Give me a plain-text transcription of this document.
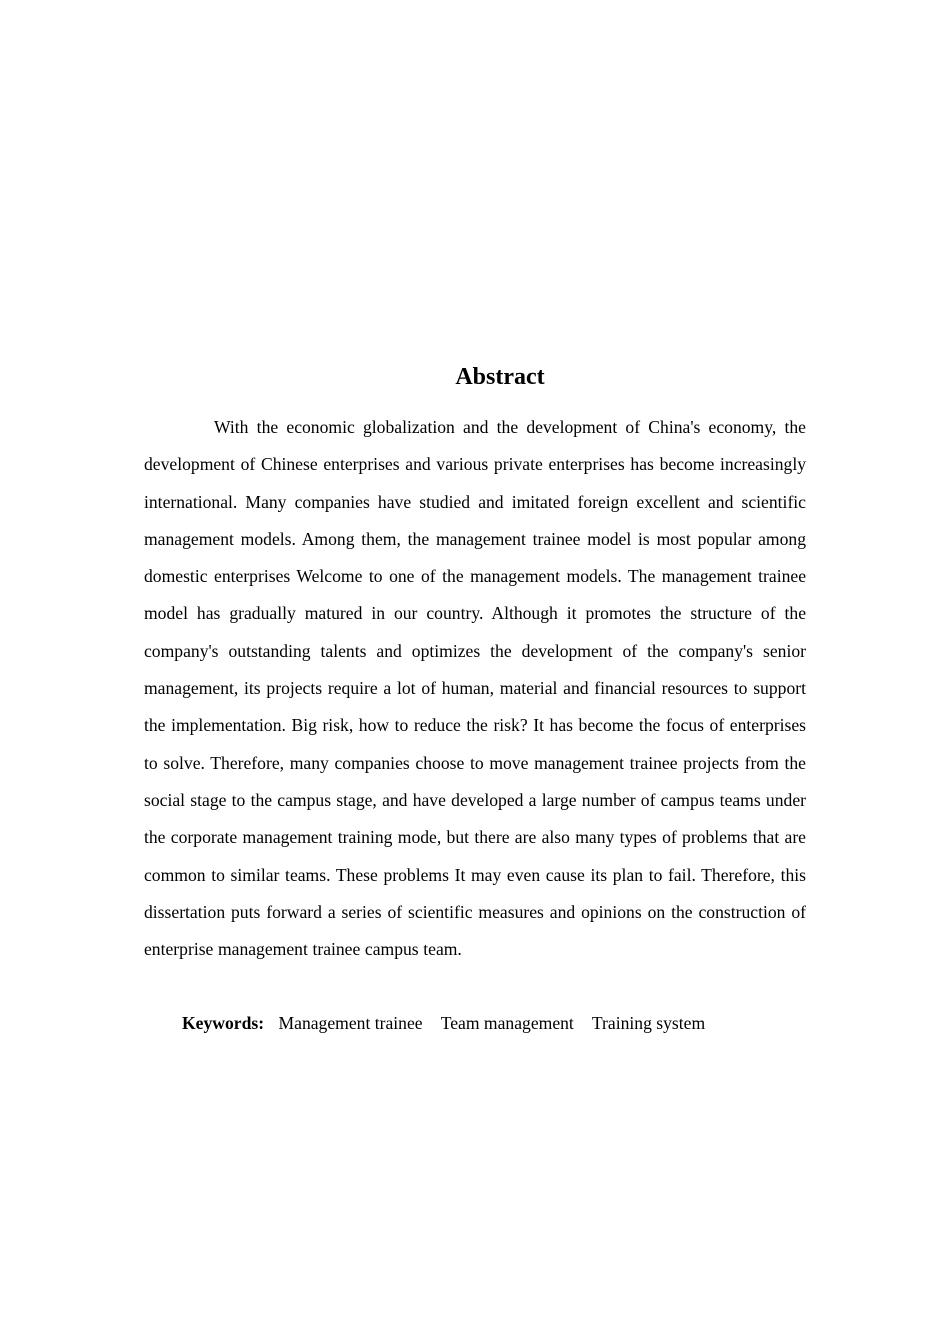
Abstract

With the economic globalization and the development of China's economy, the development of Chinese enterprises and various private enterprises has become increasingly international. Many companies have studied and imitated foreign excellent and scientific management models. Among them, the management trainee model is most popular among domestic enterprises Welcome to one of the management models. The management trainee model has gradually matured in our country. Although it promotes the structure of the company's outstanding talents and optimizes the development of the company's senior management, its projects require a lot of human, material and financial resources to support the implementation. Big risk, how to reduce the risk? It has become the focus of enterprises to solve. Therefore, many companies choose to move management trainee projects from the social stage to the campus stage, and have developed a large number of campus teams under the corporate management training mode, but there are also many types of problems that are common to similar teams. These problems It may even cause its plan to fail. Therefore, this dissertation puts forward a series of scientific measures and opinions on the construction of enterprise management trainee campus team.

Keywords: Management trainee Team management Training system
